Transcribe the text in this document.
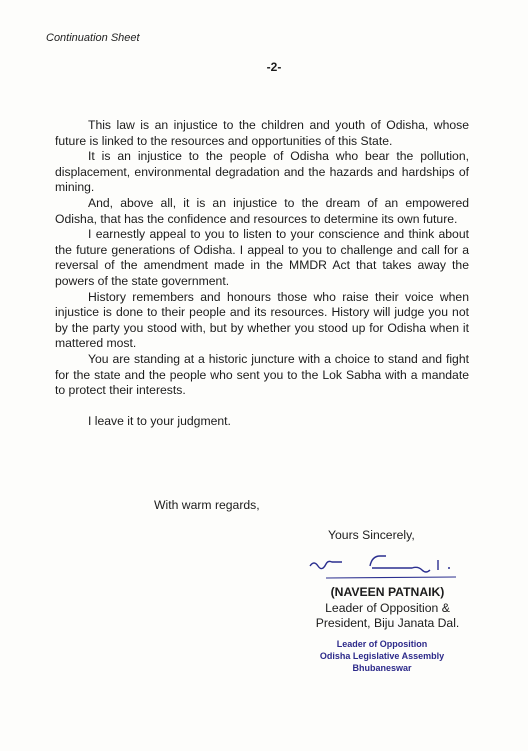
Continuation Sheet
-2-

This law is an injustice to the children and youth of Odisha, whose future is linked to the resources and opportunities of this State.

It is an injustice to the people of Odisha who bear the pollution, displacement, environmental degradation and the hazards and hardships of mining.

And, above all, it is an injustice to the dream of an empowered Odisha, that has the confidence and resources to determine its own future.

I earnestly appeal to you to listen to your conscience and think about the future generations of Odisha. I appeal to you to challenge and call for a reversal of the amendment made in the MMDR Act that takes away the powers of the state government.

History remembers and honours those who raise their voice when injustice is done to their people and its resources. History will judge you not by the party you stood with, but by whether you stood up for Odisha when it mattered most.

You are standing at a historic juncture with a choice to stand and fight for the state and the people who sent you to the Lok Sabha with a mandate to protect their interests.

I leave it to your judgment.

With warm regards,
Yours Sincerely,
(NAVEEN PATNAIK)
Leader of Opposition &
President, Biju Janata Dal.
Leader of Opposition
Odisha Legislative Assembly
Bhubaneswar
